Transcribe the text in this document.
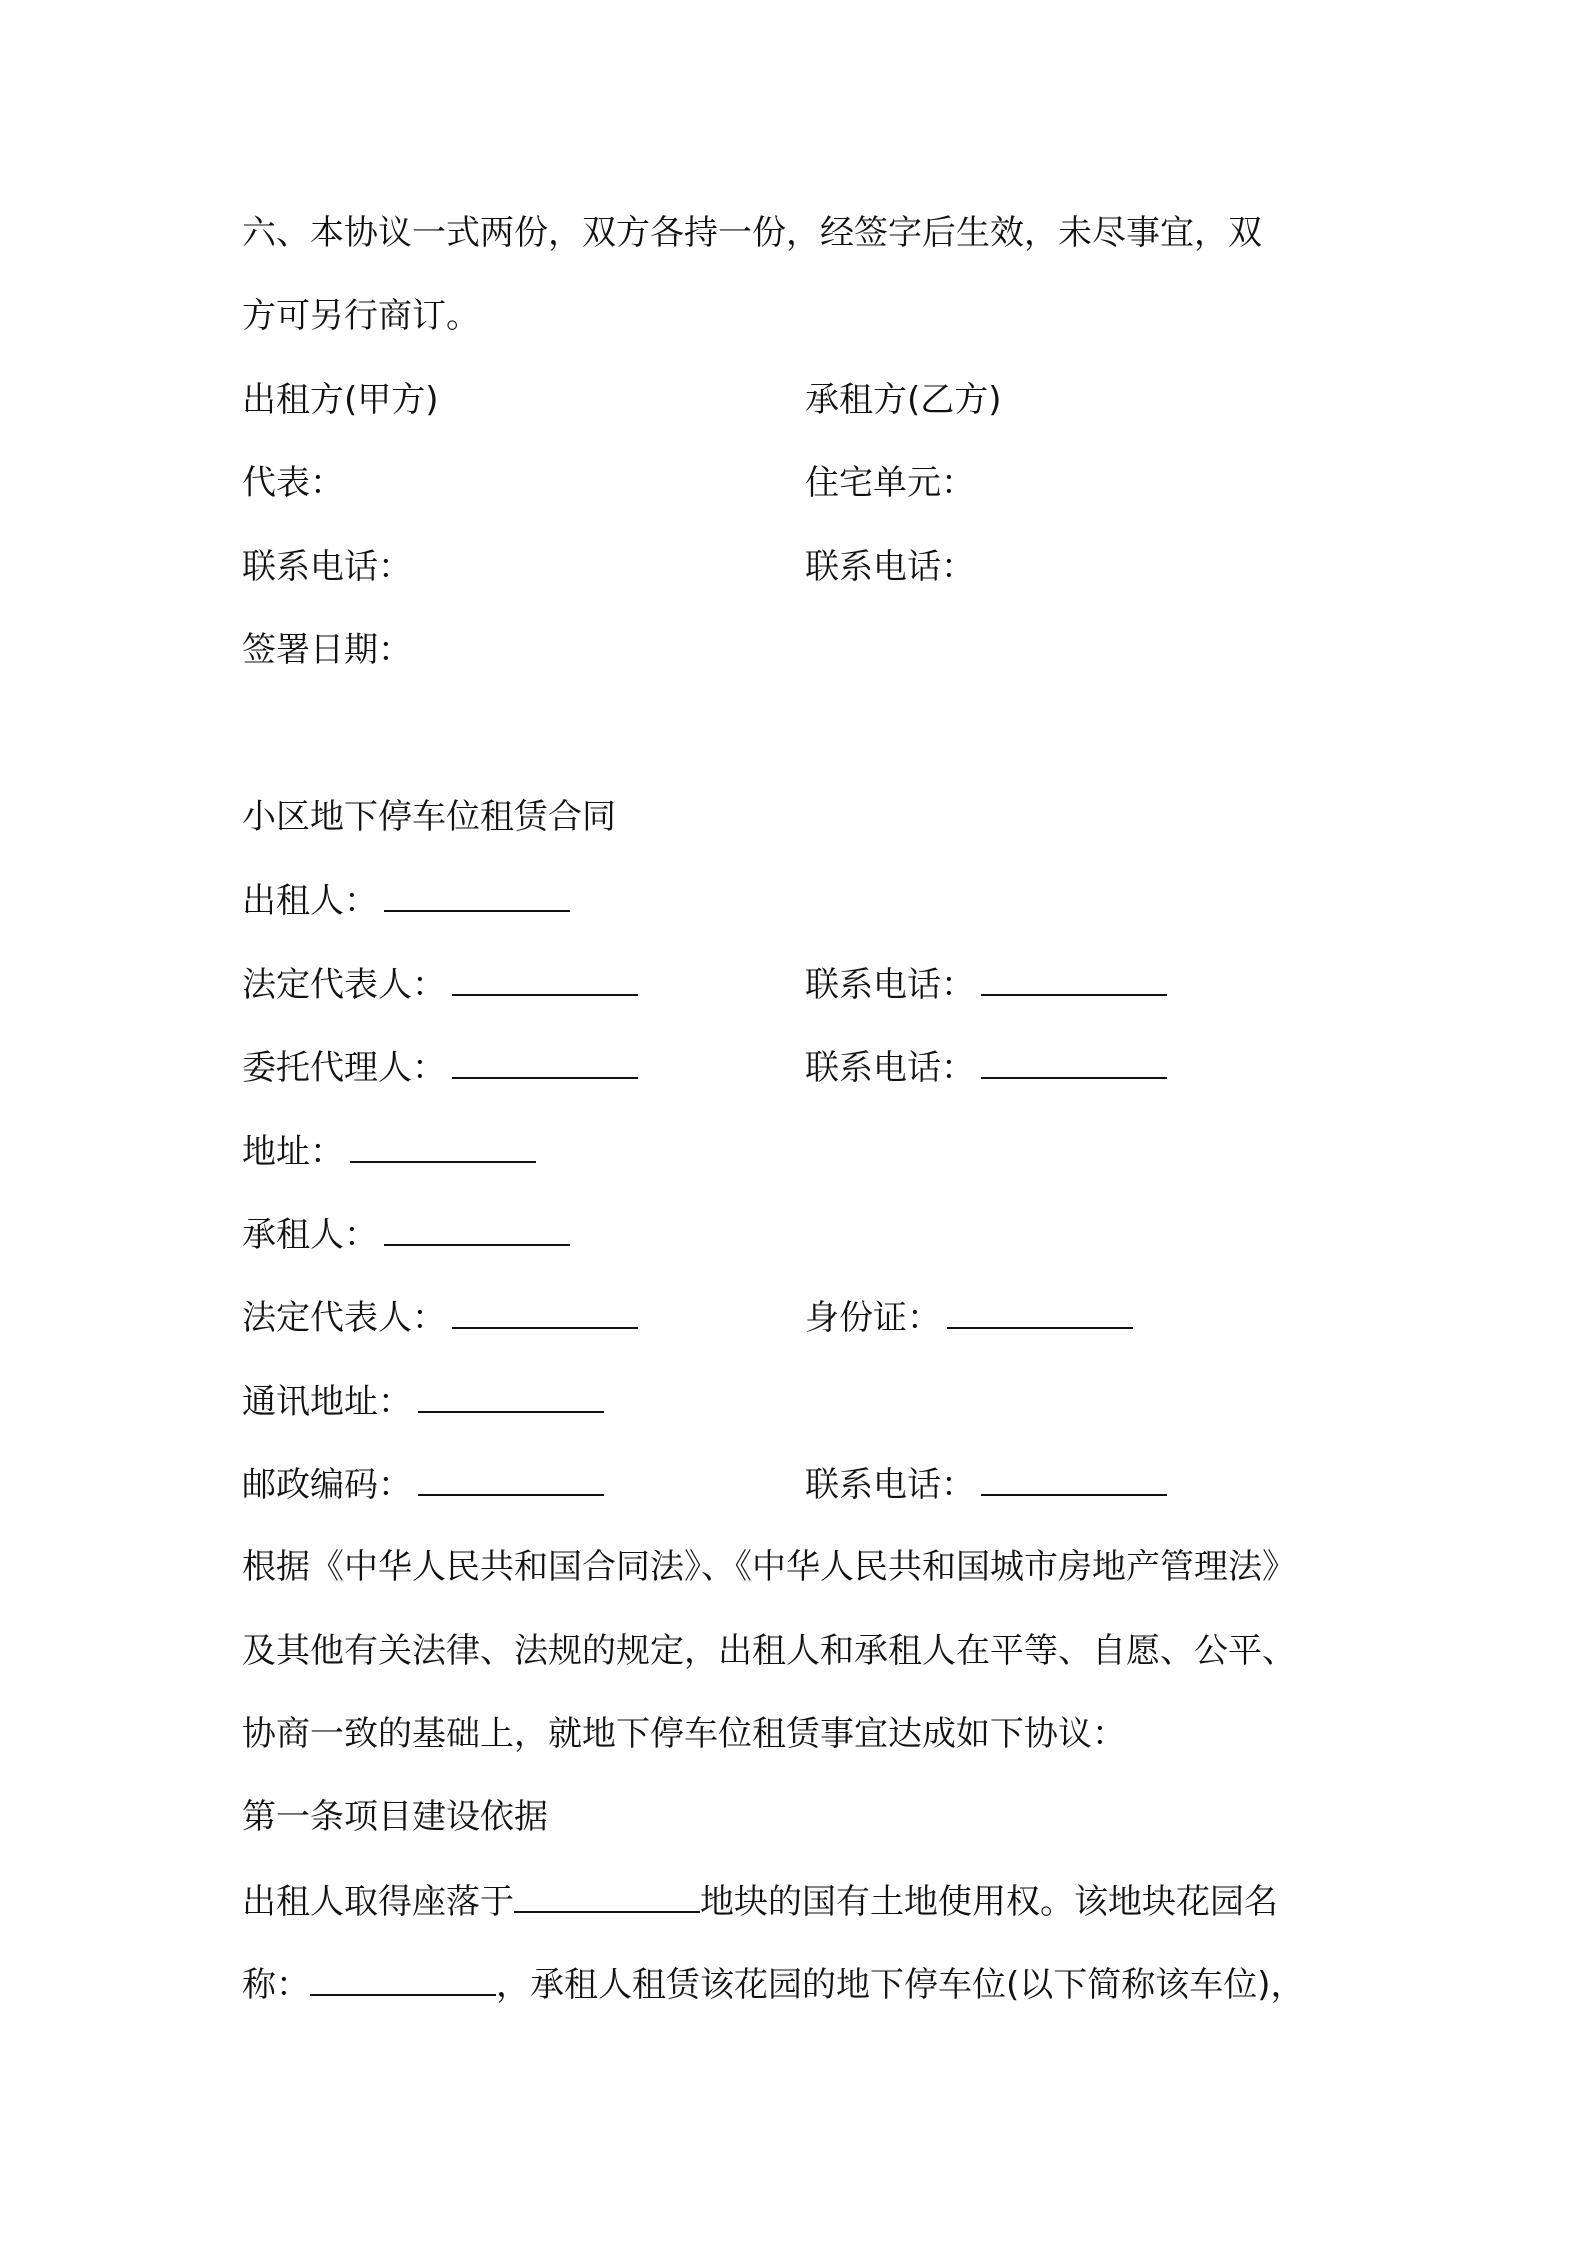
六、本协议一式两份，双方各持一份，经签字后生效，未尽事宜，双
方可另行商订。
出租方(甲方)	承租方(乙方)
代表：	住宅单元：
联系电话：	联系电话：
签署日期：
小区地下停车位租赁合同
出租人：
法定代表人：	联系电话：
委托代理人：	联系电话：
地址：
承租人：
法定代表人：	身份证：
通讯地址：
邮政编码：	联系电话：
根据《中华人民共和国合同法》、《中华人民共和国城市房地产管理法》
及其他有关法律、法规的规定，出租人和承租人在平等、自愿、公平、
协商一致的基础上，就地下停车位租赁事宜达成如下协议：
第一条项目建设依据
出租人取得座落于	地块的国有土地使用权。该地块花园名
称：	，承租人租赁该花园的地下停车位(以下简称该车位)，
